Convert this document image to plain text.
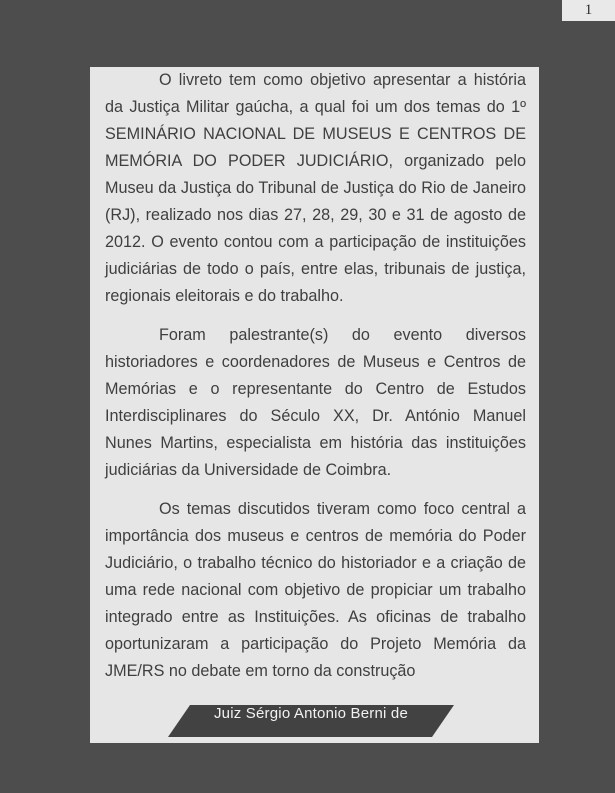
1

O livreto tem como objetivo apresentar a história da Justiça Militar gaúcha, a qual foi um dos temas do 1º SEMINÁRIO NACIONAL DE MUSEUS E CENTROS DE MEMÓRIA DO PODER JUDICIÁRIO, organizado pelo Museu da Justiça do Tribunal de Justiça do Rio de Janeiro (RJ), realizado nos dias 27, 28, 29, 30 e 31 de agosto de 2012. O evento contou com a participação de instituições judiciárias de todo o país, entre elas, tribunais de justiça, regionais eleitorais e do trabalho.

Foram palestrante(s) do evento diversos historiadores e coordenadores de Museus e Centros de Memórias e o representante do Centro de Estudos Interdisciplinares do Século XX, Dr. António Manuel Nunes Martins, especialista em história das instituições judiciárias da Universidade de Coimbra.

Os temas discutidos tiveram como foco central a importância dos museus e centros de memória do Poder Judiciário, o trabalho técnico do historiador e a criação de uma rede nacional com objetivo de propiciar um trabalho integrado entre as Instituições. As oficinas de trabalho oportunizaram a participação do Projeto Memória da JME/RS no debate em torno da construção

Juiz Sérgio Antonio Berni de
